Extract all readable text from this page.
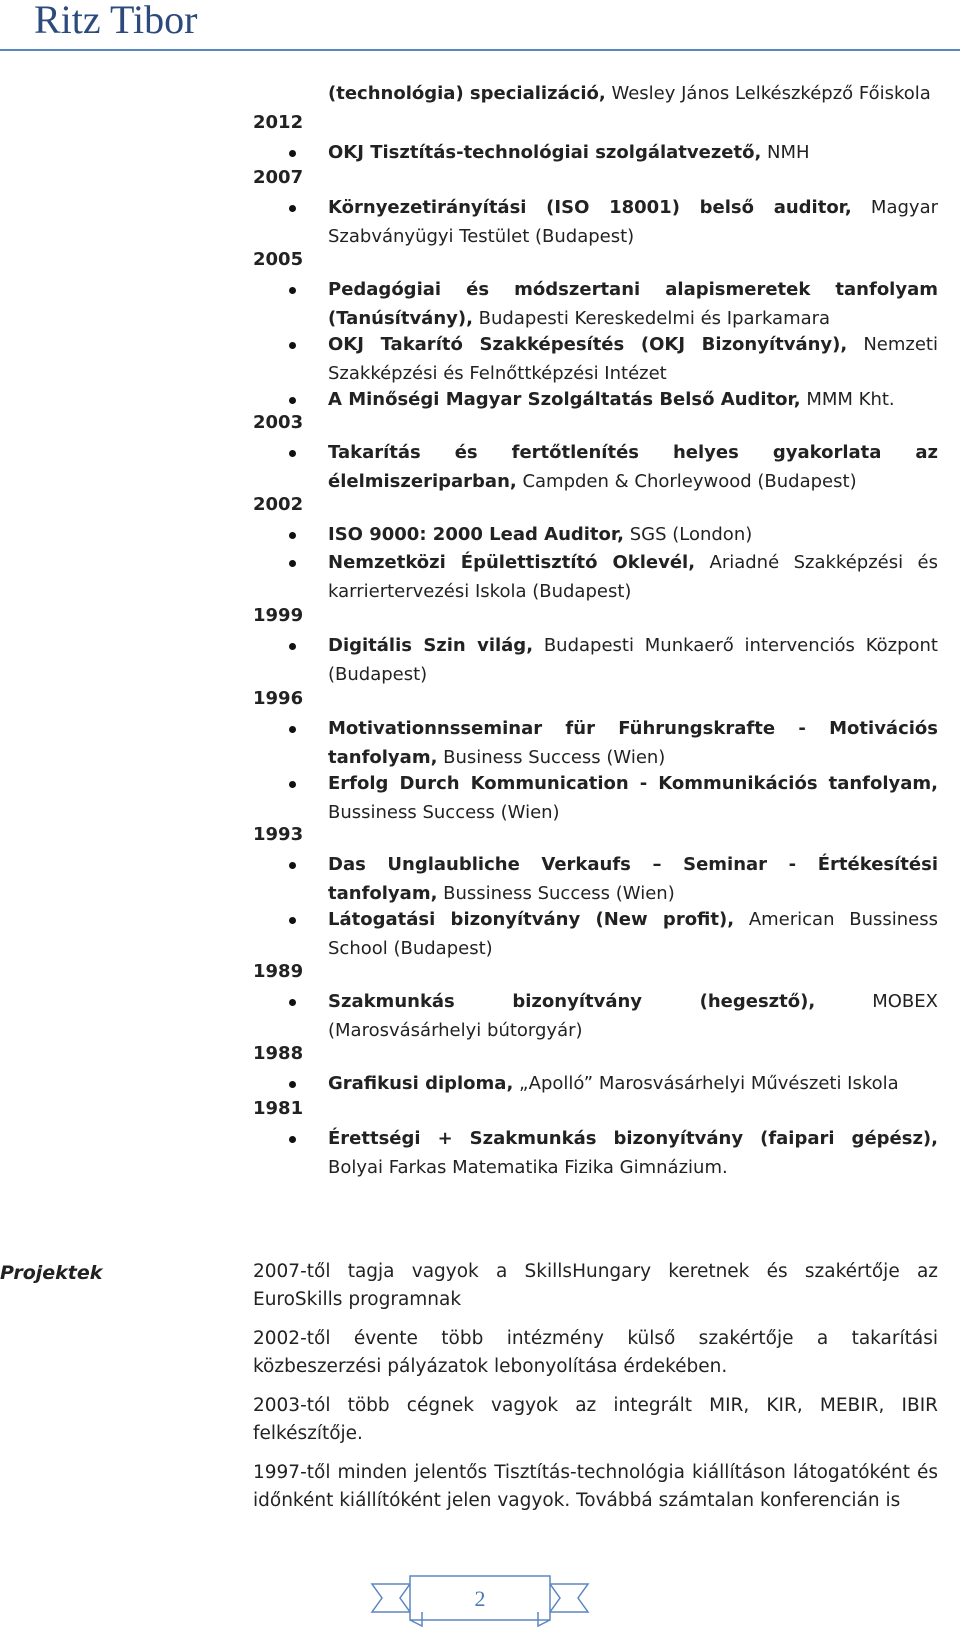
Ritz Tibor
(technológia) specializáció, Wesley János Lelkészképző Főiskola
2012
OKJ Tisztítás-technológiai szolgálatvezető, NMH
2007
Környezetirányítási (ISO 18001) belső auditor, Magyar Szabványügyi Testület (Budapest)
2005
Pedagógiai és módszertani alapismeretek tanfolyam (Tanúsítvány), Budapesti Kereskedelmi és Iparkamara
OKJ Takarító Szakképesítés (OKJ Bizonyítvány), Nemzeti Szakképzési és Felnőttképzési Intézet
A Minőségi Magyar Szolgáltatás Belső Auditor, MMM Kht.
2003
Takarítás és fertőtlenítés helyes gyakorlata az élelmiszeriparban, Campden & Chorleywood (Budapest)
2002
ISO 9000: 2000 Lead Auditor, SGS (London)
Nemzetközi Épülettisztító Oklevél, Ariadné Szakképzési és karriertervezési Iskola (Budapest)
1999
Digitális Szin világ, Budapesti Munkaerő intervenciós Központ (Budapest)
1996
Motivationnsseminar für Führungskrafte - Motivációs tanfolyam, Business Success (Wien)
Erfolg Durch Kommunication - Kommunikációs tanfolyam, Bussiness Success (Wien)
1993
Das Unglaubliche Verkaufs – Seminar - Értékesítési tanfolyam, Bussiness Success (Wien)
Látogatási bizonyítvány (New profit), American Bussiness School (Budapest)
1989
Szakmunkás bizonyítvány (hegesztő), MOBEX (Marosvásárhelyi bútorgyár)
1988
Grafikusi diploma, „Apolló” Marosvásárhelyi Művészeti Iskola
1981
Érettségi + Szakmunkás bizonyítvány (faipari gépész), Bolyai Farkas Matematika Fizika Gimnázium.
Projektek	2007-től tagja vagyok a SkillsHungary keretnek és szakértője az EuroSkills programnak
2002-től évente több intézmény külső szakértője a takarítási közbeszerzési pályázatok lebonyolítása érdekében.
2003-tól több cégnek vagyok az integrált MIR, KIR, MEBIR, IBIR felkészítője.
1997-től minden jelentős Tisztítás-technológia kiállításon látogatóként és időnként kiállítóként jelen vagyok. Továbbá számtalan konferencián is
2
